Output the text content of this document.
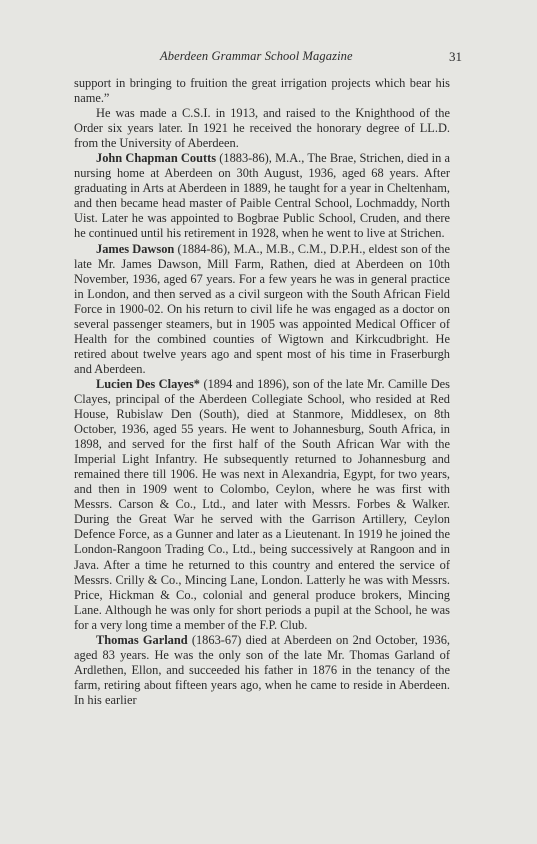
Aberdeen Grammar School Magazine	31

support in bringing to fruition the great irrigation projects which bear his name.”

He was made a C.S.I. in 1913, and raised to the Knighthood of the Order six years later. In 1921 he received the honorary degree of LL.D. from the University of Aberdeen.

John Chapman Coutts (1883-86), M.A., The Brae, Strichen, died in a nursing home at Aberdeen on 30th August, 1936, aged 68 years. After graduating in Arts at Aberdeen in 1889, he taught for a year in Cheltenham, and then became head master of Paible Central School, Lochmaddy, North Uist. Later he was appointed to Bogbrae Public School, Cruden, and there he continued until his retirement in 1928, when he went to live at Strichen.

James Dawson (1884-86), M.A., M.B., C.M., D.P.H., eldest son of the late Mr. James Dawson, Mill Farm, Rathen, died at Aberdeen on 10th November, 1936, aged 67 years. For a few years he was in general practice in London, and then served as a civil surgeon with the South African Field Force in 1900-02. On his return to civil life he was engaged as a doctor on several passenger steamers, but in 1905 was appointed Medical Officer of Health for the combined counties of Wigtown and Kirkcudbright. He retired about twelve years ago and spent most of his time in Fraserburgh and Aberdeen.

Lucien Des Clayes* (1894 and 1896), son of the late Mr. Camille Des Clayes, principal of the Aberdeen Collegiate School, who resided at Red House, Rubislaw Den (South), died at Stanmore, Middlesex, on 8th October, 1936, aged 55 years. He went to Johannesburg, South Africa, in 1898, and served for the first half of the South African War with the Imperial Light Infantry. He subsequently returned to Johannesburg and remained there till 1906. He was next in Alexandria, Egypt, for two years, and then in 1909 went to Colombo, Ceylon, where he was first with Messrs. Carson & Co., Ltd., and later with Messrs. Forbes & Walker. During the Great War he served with the Garrison Artillery, Ceylon Defence Force, as a Gunner and later as a Lieutenant. In 1919 he joined the London-Rangoon Trading Co., Ltd., being successively at Rangoon and in Java. After a time he returned to this country and entered the service of Messrs. Crilly & Co., Mincing Lane, London. Latterly he was with Messrs. Price, Hickman & Co., colonial and general produce brokers, Mincing Lane. Although he was only for short periods a pupil at the School, he was for a very long time a member of the F.P. Club.

Thomas Garland (1863-67) died at Aberdeen on 2nd October, 1936, aged 83 years. He was the only son of the late Mr. Thomas Garland of Ardlethen, Ellon, and succeeded his father in 1876 in the tenancy of the farm, retiring about fifteen years ago, when he came to reside in Aberdeen. In his earlier
